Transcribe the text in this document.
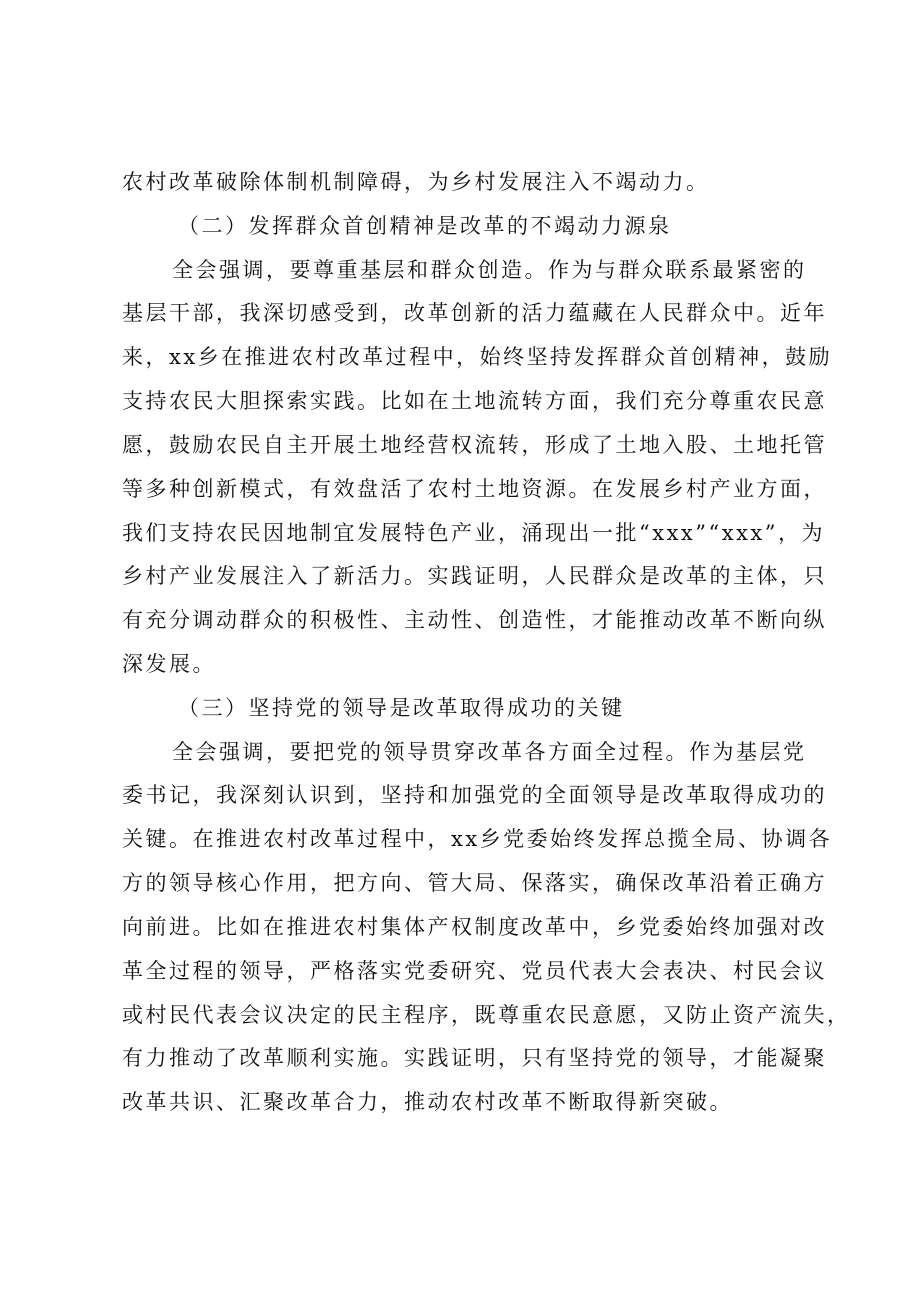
农村改革破除体制机制障碍，为乡村发展注入不竭动力。
（二）发挥群众首创精神是改革的不竭动力源泉
全会强调，要尊重基层和群众创造。作为与群众联系最紧密的
基层干部，我深切感受到，改革创新的活力蕴藏在人民群众中。近年
来，xx乡在推进农村改革过程中，始终坚持发挥群众首创精神，鼓励
支持农民大胆探索实践。比如在土地流转方面，我们充分尊重农民意
愿，鼓励农民自主开展土地经营权流转，形成了土地入股、土地托管
等多种创新模式，有效盘活了农村土地资源。在发展乡村产业方面，
我们支持农民因地制宜发展特色产业，涌现出一批“xxx”“xxx”，为
乡村产业发展注入了新活力。实践证明，人民群众是改革的主体，只
有充分调动群众的积极性、主动性、创造性，才能推动改革不断向纵
深发展。
（三）坚持党的领导是改革取得成功的关键
全会强调，要把党的领导贯穿改革各方面全过程。作为基层党
委书记，我深刻认识到，坚持和加强党的全面领导是改革取得成功的
关键。在推进农村改革过程中，xx乡党委始终发挥总揽全局、协调各
方的领导核心作用，把方向、管大局、保落实，确保改革沿着正确方
向前进。比如在推进农村集体产权制度改革中，乡党委始终加强对改
革全过程的领导，严格落实党委研究、党员代表大会表决、村民会议
或村民代表会议决定的民主程序，既尊重农民意愿，又防止资产流失，
有力推动了改革顺利实施。实践证明，只有坚持党的领导，才能凝聚
改革共识、汇聚改革合力，推动农村改革不断取得新突破。
